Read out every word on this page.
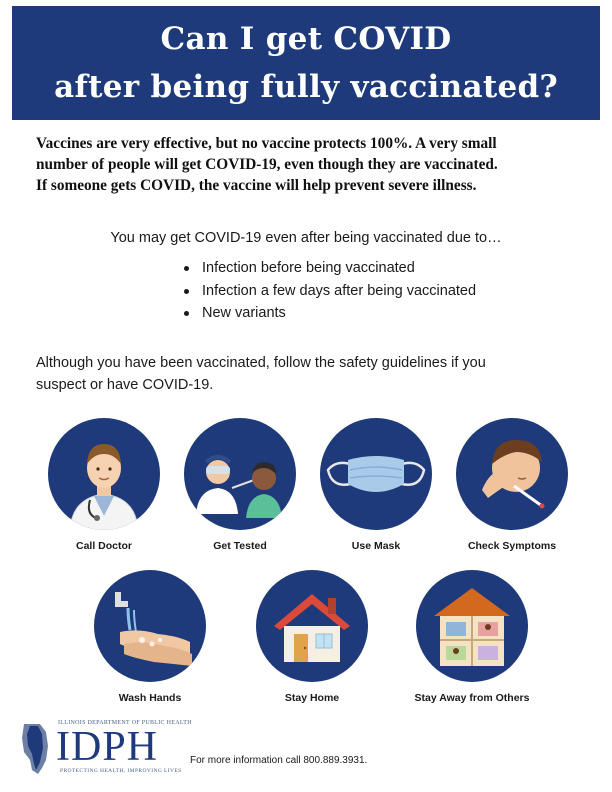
Can I get COVID
after being fully vaccinated?
Vaccines are very effective, but no vaccine protects 100%. A very small
number of people will get COVID-19, even though they are vaccinated.
If someone gets COVID, the vaccine will help prevent severe illness.
You may get COVID-19 even after being vaccinated due to…
Infection before being vaccinated
Infection a few days after being vaccinated
New variants
Although you have been vaccinated, follow the safety guidelines if you
suspect or have COVID-19.
Call Doctor	Get Tested	Use Mask	Check Symptoms
Wash Hands	Stay Home	Stay Away from Others
ILLINOIS DEPARTMENT OF PUBLIC HEALTH
IDPH
PROTECTING HEALTH, IMPROVING LIVES
For more information call 800.889.3931.
